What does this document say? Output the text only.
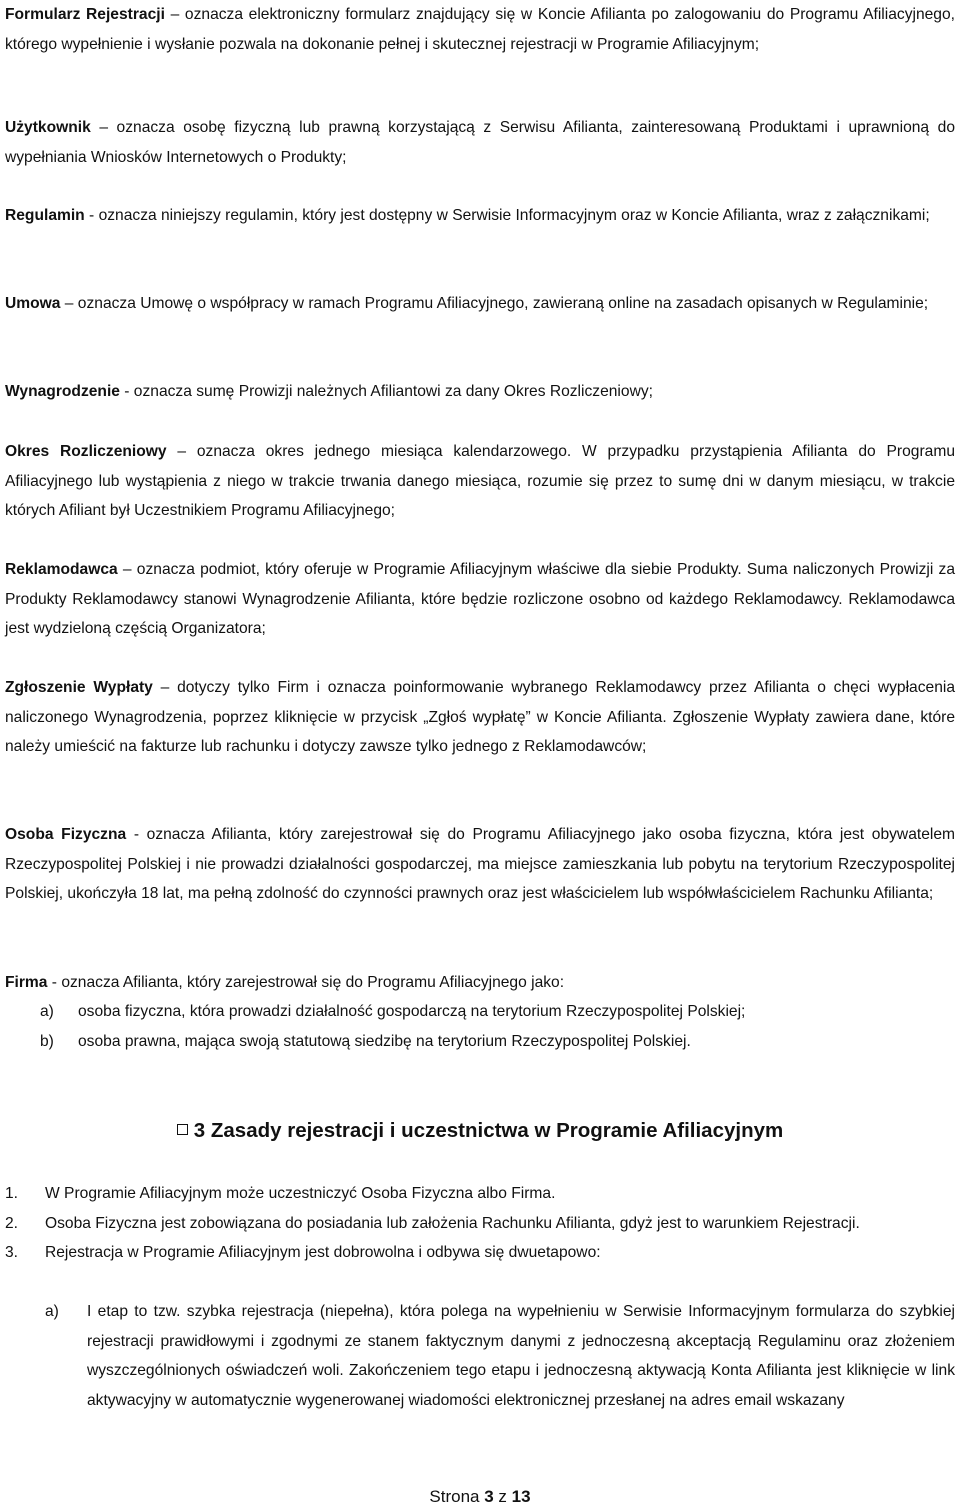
Formularz Rejestracji – oznacza elektroniczny formularz znajdujący się w Koncie Afilianta po zalogowaniu do Programu Afiliacyjnego, którego wypełnienie i wysłanie pozwala na dokonanie pełnej i skutecznej rejestracji w Programie Afiliacyjnym;

Użytkownik – oznacza osobę fizyczną lub prawną korzystającą z Serwisu Afilianta, zainteresowaną Produktami i uprawnioną do wypełniania Wniosków Internetowych o Produkty;

Regulamin - oznacza niniejszy regulamin, który jest dostępny w Serwisie Informacyjnym oraz w Koncie Afilianta, wraz z załącznikami;

Umowa – oznacza Umowę o współpracy w ramach Programu Afiliacyjnego, zawieraną online na zasadach opisanych w Regulaminie;

Wynagrodzenie - oznacza sumę Prowizji należnych Afiliantowi za dany Okres Rozliczeniowy;

Okres Rozliczeniowy – oznacza okres jednego miesiąca kalendarzowego. W przypadku przystąpienia Afilianta do Programu Afiliacyjnego lub wystąpienia z niego w trakcie trwania danego miesiąca, rozumie się przez to sumę dni w danym miesiącu, w trakcie których Afiliant był Uczestnikiem Programu Afiliacyjnego;

Reklamodawca – oznacza podmiot, który oferuje w Programie Afiliacyjnym właściwe dla siebie Produkty. Suma naliczonych Prowizji za Produkty Reklamodawcy stanowi Wynagrodzenie Afilianta, które będzie rozliczone osobno od każdego Reklamodawcy. Reklamodawca jest wydzieloną częścią Organizatora;

Zgłoszenie Wypłaty – dotyczy tylko Firm i oznacza poinformowanie wybranego Reklamodawcy przez Afilianta o chęci wypłacenia naliczonego Wynagrodzenia, poprzez kliknięcie w przycisk „Zgłoś wypłatę” w Koncie Afilianta. Zgłoszenie Wypłaty zawiera dane, które należy umieścić na fakturze lub rachunku i dotyczy zawsze tylko jednego z Reklamodawców;

Osoba Fizyczna - oznacza Afilianta, który zarejestrował się do Programu Afiliacyjnego jako osoba fizyczna, która jest obywatelem Rzeczypospolitej Polskiej i nie prowadzi działalności gospodarczej, ma miejsce zamieszkania lub pobytu na terytorium Rzeczypospolitej Polskiej, ukończyła 18 lat, ma pełną zdolność do czynności prawnych oraz jest właścicielem lub współwłaścicielem Rachunku Afilianta;

Firma - oznacza Afilianta, który zarejestrował się do Programu Afiliacyjnego jako:

a)	osoba fizyczna, która prowadzi działalność gospodarczą na terytorium Rzeczypospolitej Polskiej;
b)	osoba prawna, mająca swoją statutową siedzibę na terytorium Rzeczypospolitej Polskiej.
3 Zasady rejestracji i uczestnictwa w Programie Afiliacyjnym
1.	W Programie Afiliacyjnym może uczestniczyć Osoba Fizyczna albo Firma.
2.	Osoba Fizyczna jest zobowiązana do posiadania lub założenia Rachunku Afilianta, gdyż jest to warunkiem Rejestracji.
3.	Rejestracja w Programie Afiliacyjnym jest dobrowolna i odbywa się dwuetapowo:
a)	I etap to tzw. szybka rejestracja (niepełna), która polega na wypełnieniu w Serwisie Informacyjnym formularza do szybkiej rejestracji prawidłowymi i zgodnymi ze stanem faktycznym danymi z jednoczesną akceptacją Regulaminu oraz złożeniem wyszczególnionych oświadczeń woli. Zakończeniem tego etapu i jednoczesną aktywacją Konta Afilianta jest kliknięcie w link aktywacyjny w automatycznie wygenerowanej wiadomości elektronicznej przesłanej na adres email wskazany
Strona 3 z 13
